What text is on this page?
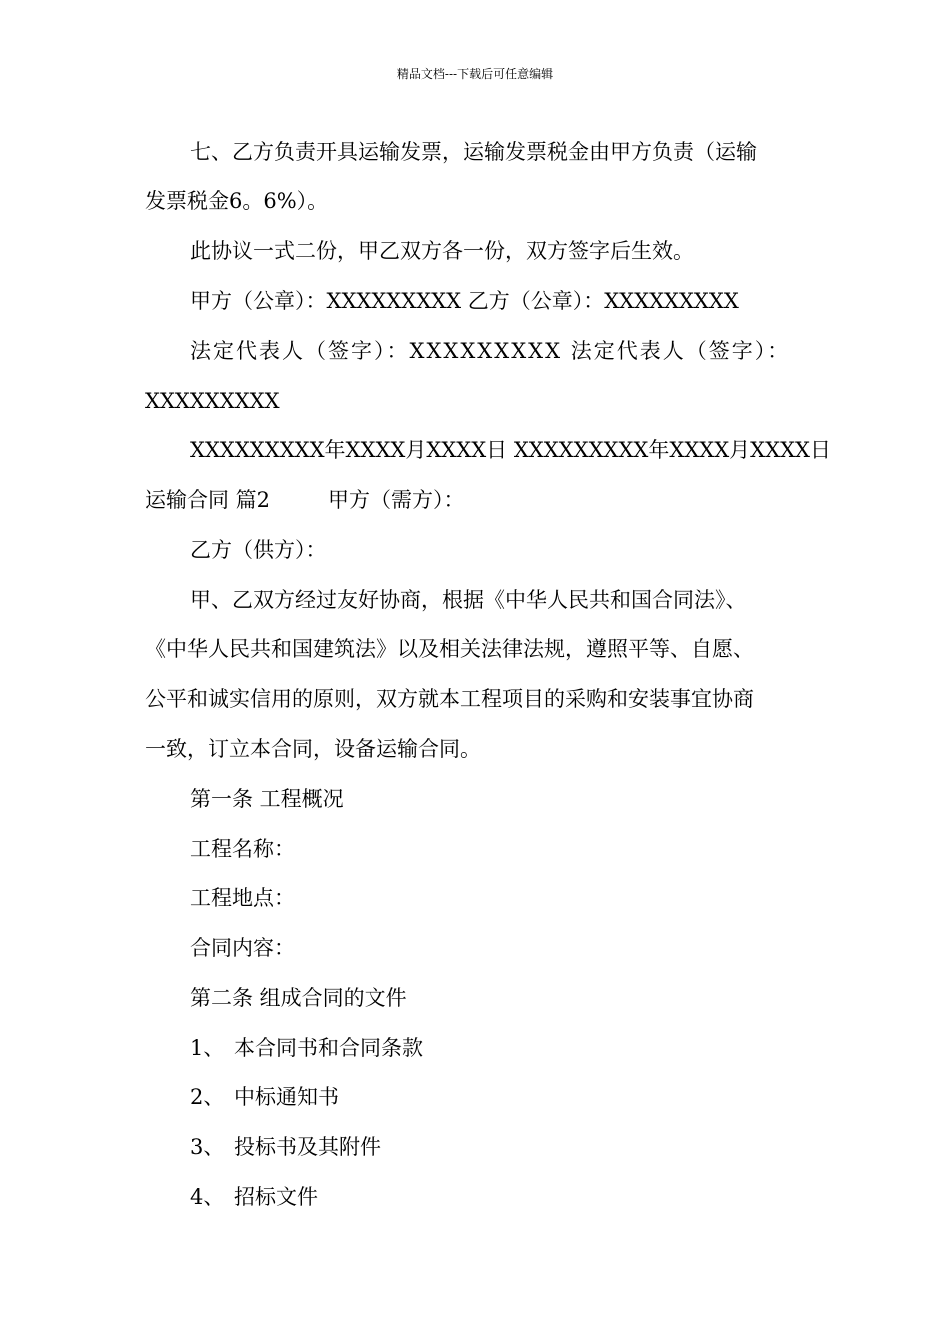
精品文档---下载后可任意编辑
七、乙方负责开具运输发票，运输发票税金由甲方负责（运输
发票税金6。6%）。
此协议一式二份，甲乙双方各一份，双方签字后生效。
甲方（公章）：XXXXXXXXX 乙方（公章）：XXXXXXXXX
法定代表人（签字）：XXXXXXXXX 法定代表人（签字）：
XXXXXXXXX
XXXXXXXXX年XXXX月XXXX日 XXXXXXXXX年XXXX月XXXX日
运输合同 篇2	甲方（需方）：
乙方（供方）：
甲、乙双方经过友好协商，根据《中华人民共和国合同法》、
《中华人民共和国建筑法》以及相关法律法规，遵照平等、自愿、
公平和诚实信用的原则，双方就本工程项目的采购和安装事宜协商
一致，订立本合同，设备运输合同。
第一条 工程概况
工程名称：
工程地点：
合同内容：
第二条 组成合同的文件
1、 本合同书和合同条款
2、 中标通知书
3、 投标书及其附件
4、 招标文件
